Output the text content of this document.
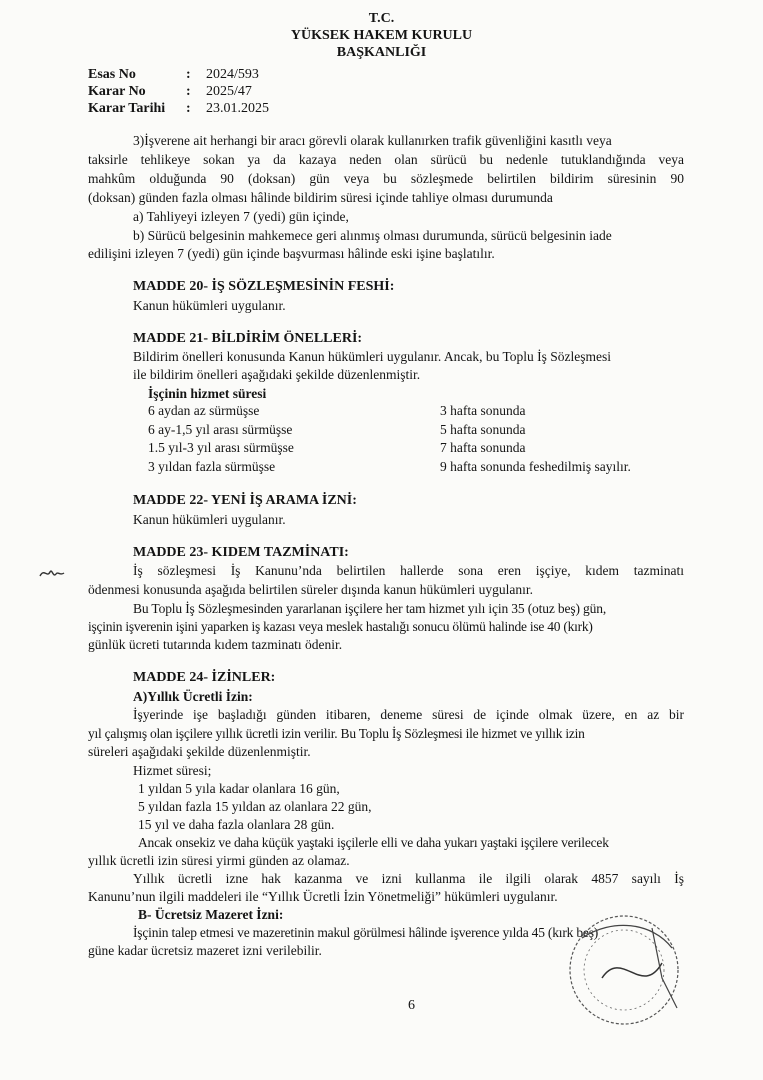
T.C.
YÜKSEK HAKEM KURULU
BAŞKANLIĞI
Esas No	:	2024/593
Karar No	:	2025/47
Karar Tarihi	:	23.01.2025
3)İşverene ait herhangi bir aracı görevli olarak kullanırken trafik güvenliğini kasıtlı veya
taksirle tehlikeye sokan ya da kazaya neden olan sürücü bu nedenle tutuklandığında veya
mahkûm olduğunda 90 (doksan) gün veya bu sözleşmede belirtilen bildirim süresinin 90
(doksan) günden fazla olması hâlinde bildirim süresi içinde tahliye olması durumunda
a) Tahliyeyi izleyen 7 (yedi) gün içinde,
b) Sürücü belgesinin mahkemece geri alınmış olması durumunda, sürücü belgesinin iade
edilişini izleyen 7 (yedi) gün içinde başvurması hâlinde eski işine başlatılır.
MADDE 20- İŞ SÖZLEŞMESİNİN FESHİ:
Kanun hükümleri uygulanır.
MADDE 21- BİLDİRİM ÖNELLERİ:
Bildirim önelleri konusunda Kanun hükümleri uygulanır. Ancak, bu Toplu İş Sözleşmesi
ile bildirim önelleri aşağıdaki şekilde düzenlenmiştir.
İşçinin hizmet süresi
6 aydan az sürmüşse	3 hafta sonunda
6 ay-1,5 yıl arası sürmüşse	5 hafta sonunda
1.5 yıl-3 yıl arası sürmüşse	7 hafta sonunda
3 yıldan fazla sürmüşse	9 hafta sonunda feshedilmiş sayılır.
MADDE 22- YENİ İŞ ARAMA İZNİ:
Kanun hükümleri uygulanır.
MADDE 23- KIDEM TAZMİNATI:
İş sözleşmesi İş Kanunu’nda belirtilen hallerde sona eren işçiye, kıdem tazminatı
ödenmesi konusunda aşağıda belirtilen süreler dışında kanun hükümleri uygulanır.
Bu Toplu İş Sözleşmesinden yararlanan işçilere her tam hizmet yılı için 35 (otuz beş) gün,
işçinin işverenin işini yaparken iş kazası veya meslek hastalığı sonucu ölümü halinde ise 40 (kırk)
günlük ücreti tutarında kıdem tazminatı ödenir.
MADDE 24- İZİNLER:
A)Yıllık Ücretli İzin:
İşyerinde işe başladığı günden itibaren, deneme süresi de içinde olmak üzere, en az bir
yıl çalışmış olan işçilere yıllık ücretli izin verilir. Bu Toplu İş Sözleşmesi ile hizmet ve yıllık izin
süreleri aşağıdaki şekilde düzenlenmiştir.
Hizmet süresi;
1 yıldan 5 yıla kadar olanlara 16 gün,
5 yıldan fazla 15 yıldan az olanlara 22 gün,
15 yıl ve daha fazla olanlara 28 gün.
Ancak onsekiz ve daha küçük yaştaki işçilerle elli ve daha yukarı yaştaki işçilere verilecek
yıllık ücretli izin süresi yirmi günden az olamaz.
Yıllık ücretli izne hak kazanma ve izni kullanma ile ilgili olarak 4857 sayılı İş
Kanunu’nun ilgili maddeleri ile “Yıllık Ücretli İzin Yönetmeliği” hükümleri uygulanır.
B- Ücretsiz Mazeret İzni:
İşçinin talep etmesi ve mazeretinin makul görülmesi hâlinde işverence yılda 45 (kırk beş)
güne kadar ücretsiz mazeret izni verilebilir.
6
